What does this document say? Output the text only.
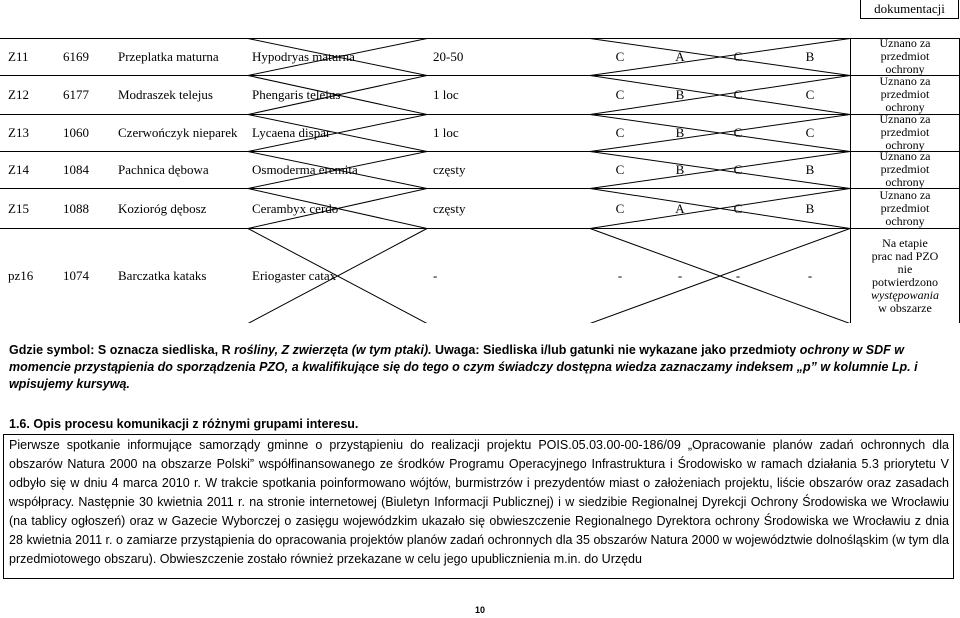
dokumentacji
Z11	6169	Przeplatka maturna	Hypodryas maturna	20-50	C	A	C	B
Uznano za
przedmiot
ochrony
Z12	6177	Modraszek telejus	Phengaris teleius	1 loc	C	B	C	C
Uznano za
przedmiot
ochrony
Z13	1060	Czerwończyk nieparek	Lycaena dispar	1 loc	C	B	C	C
Uznano za
przedmiot
ochrony
Z14	1084	Pachnica dębowa	Osmoderma eremita	częsty	C	B	C	B
Uznano za
przedmiot
ochrony
Z15	1088	Kozioróg dębosz	Cerambyx cerdo	częsty	C	A	C	B
Uznano za
przedmiot
ochrony
pz16	1074	Barczatka kataks	Eriogaster catax	-	-	-	-	-
Na etapie
prac nad PZO
nie
potwierdzono
występowania
w obszarze
Gdzie symbol: S oznacza siedliska, R rośliny, Z zwierzęta (w tym ptaki). Uwaga: Siedliska i/lub gatunki nie wykazane jako przedmioty ochrony w SDF w momencie przystąpienia do sporządzenia PZO, a kwalifikujące się do tego o czym świadczy dostępna wiedza zaznaczamy indeksem „p” w kolumnie Lp. i wpisujemy kursywą.
1.6. Opis procesu komunikacji z różnymi grupami interesu.
Pierwsze spotkanie informujące samorządy gminne o przystąpieniu do realizacji projektu POIS.05.03.00-00-186/09 „Opracowanie planów zadań ochronnych dla obszarów Natura 2000 na obszarze Polski” współfinansowanego ze środków Programu Operacyjnego Infrastruktura i Środowisko w ramach działania 5.3 priorytetu V odbyło się w dniu 4 marca 2010 r. W trakcie spotkania poinformowano wójtów, burmistrzów i prezydentów miast o założeniach projektu, liście obszarów oraz zasadach współpracy. Następnie 30 kwietnia 2011 r. na stronie internetowej (Biuletyn Informacji Publicznej) i w siedzibie Regionalnej Dyrekcji Ochrony Środowiska we Wrocławiu (na tablicy ogłoszeń) oraz w Gazecie Wyborczej o zasięgu wojewódzkim ukazało się obwieszczenie Regionalnego Dyrektora ochrony Środowiska we Wrocławiu z dnia 28 kwietnia 2011 r. o zamiarze przystąpienia do opracowania projektów planów zadań ochronnych dla 35 obszarów Natura 2000 w województwie dolnośląskim (w tym dla przedmiotowego obszaru). Obwieszczenie zostało również przekazane w celu jego upublicznienia m.in. do Urzędu
10
